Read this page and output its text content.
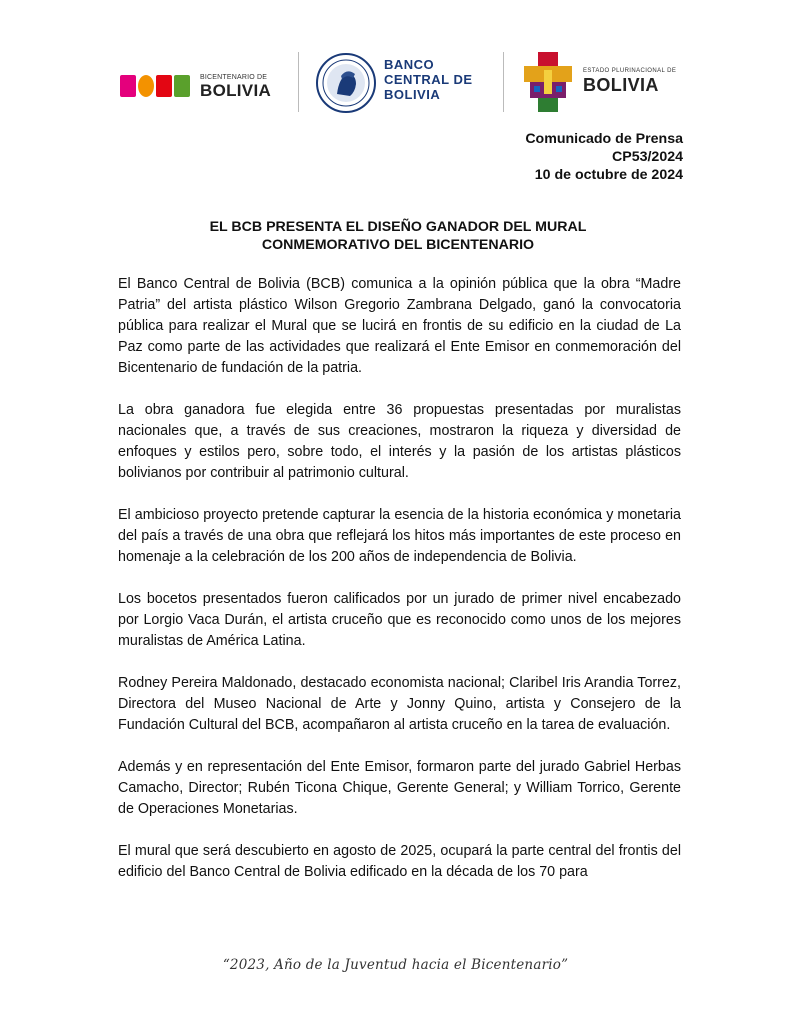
BICENTENARIO DE
BOLIVIA
BANCO
CENTRAL DE
BOLIVIA
ESTADO PLURINACIONAL DE
BOLIVIA
Comunicado de Prensa
CP53/2024
10 de octubre de 2024
EL BCB PRESENTA EL DISEÑO GANADOR DEL MURAL
CONMEMORATIVO DEL BICENTENARIO

El Banco Central de Bolivia (BCB) comunica a la opinión pública que la obra “Madre Patria” del artista plástico Wilson Gregorio Zambrana Delgado, ganó la convocatoria pública para realizar el Mural que se lucirá en frontis de su edificio en la ciudad de La Paz como parte de las actividades que realizará el Ente Emisor en conmemoración del Bicentenario de fundación de la patria.

La obra ganadora fue elegida entre 36 propuestas presentadas por muralistas nacionales que, a través de sus creaciones, mostraron la riqueza y diversidad de enfoques y estilos pero, sobre todo, el interés y la pasión de los artistas plásticos bolivianos por contribuir al patrimonio cultural.

El ambicioso proyecto pretende capturar la esencia de la historia económica y monetaria del país a través de una obra que reflejará los hitos más importantes de este proceso en homenaje a la celebración de los 200 años de independencia de Bolivia.

Los bocetos presentados fueron calificados por un jurado de primer nivel encabezado por Lorgio Vaca Durán, el artista cruceño que es reconocido como unos de los mejores muralistas de América Latina.

Rodney Pereira Maldonado, destacado economista nacional; Claribel Iris Arandia Torrez, Directora del Museo Nacional de Arte y Jonny Quino, artista y Consejero de la Fundación Cultural del BCB, acompañaron al artista cruceño en la tarea de evaluación.

Además y en representación del Ente Emisor, formaron parte del jurado Gabriel Herbas Camacho, Director; Rubén Ticona Chique, Gerente General; y William Torrico, Gerente de Operaciones Monetarias.

El mural que será descubierto en agosto de 2025, ocupará la parte central del frontis del edificio del Banco Central de Bolivia edificado en la década de los 70 para

“2023, Año de la Juventud hacia el Bicentenario”
